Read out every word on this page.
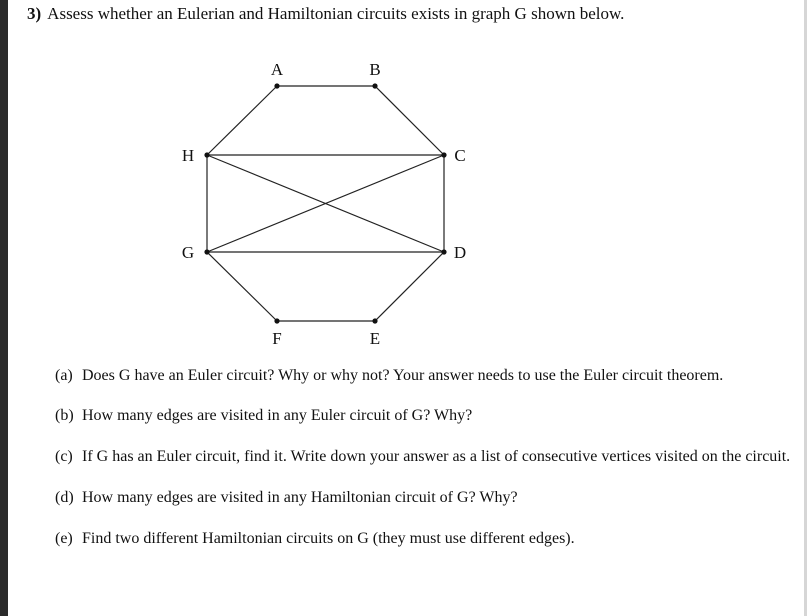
3) Assess whether an Eulerian and Hamiltonian circuits exists in graph G shown below.
A	B
C
D
E
F
G
H
(a) Does G have an Euler circuit? Why or why not? Your answer needs to use the Euler circuit theorem.
(b) How many edges are visited in any Euler circuit of G? Why?
(c) If G has an Euler circuit, find it. Write down your answer as a list of consecutive vertices visited on the circuit.
(d) How many edges are visited in any Hamiltonian circuit of G? Why?
(e) Find two different Hamiltonian circuits on G (they must use different edges).
